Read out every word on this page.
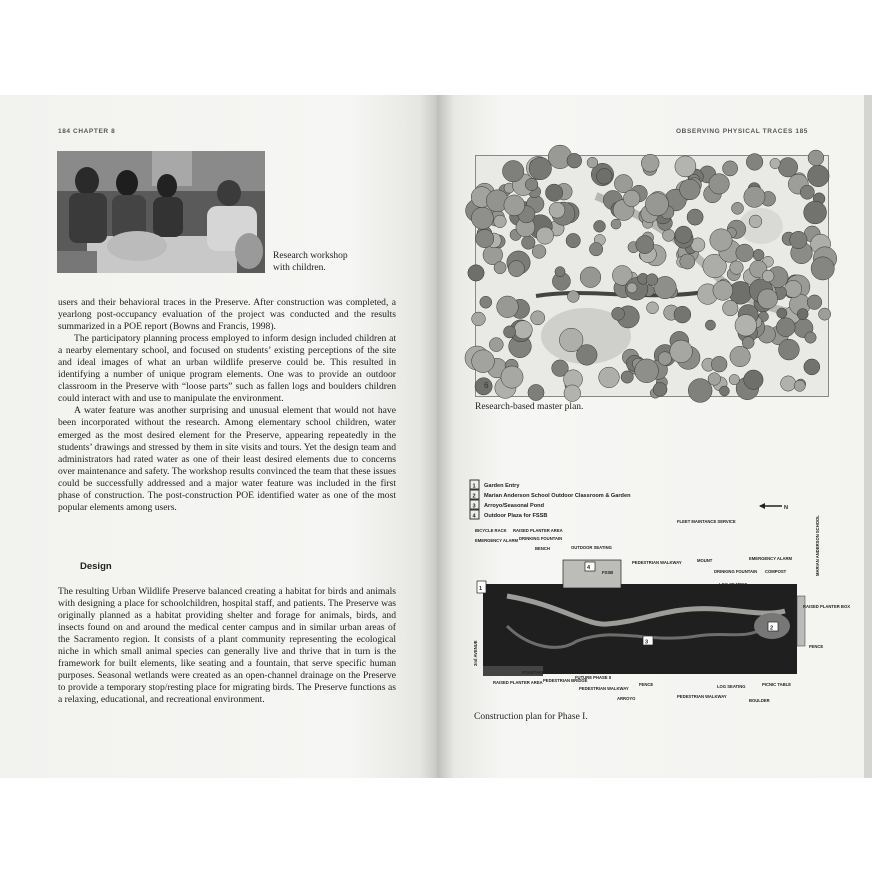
184 CHAPTER 8
Research workshop
with children.

users and their behavioral traces in the Preserve. After construction was completed, a yearlong post-occupancy evaluation of the project was conducted and the results summarized in a POE report (Bowns and Francis, 1998).

The participatory planning process employed to inform design included children at a nearby elementary school, and focused on students’ existing perceptions of the site and ideal images of what an urban wildlife preserve could be. This resulted in identifying a number of unique program elements. One was to provide an outdoor classroom in the Preserve with “loose parts” such as fallen logs and boulders children could interact with and use to manipulate the environment.

A water feature was another surprising and unusual element that would not have been incorporated without the research. Among elementary school children, water emerged as the most desired element for the Preserve, appearing repeatedly in the students’ drawings and stressed by them in site visits and tours. Yet the design team and administrators had rated water as one of their least desired elements due to concerns over maintenance and safety. The workshop results convinced the team that these issues could be successfully addressed and a major water feature was included in the first phase of construction. The post-construction POE identified water as one of the most popular elements among users.

Design

The resulting Urban Wildlife Preserve balanced creating a habitat for birds and animals with designing a place for schoolchildren, hospital staff, and patients. The Preserve was originally planned as a habitat providing shelter and forage for animals, birds, and insects found on and around the medical center campus and in similar urban areas of the Sacramento region. It consists of a plant community representing the ecological niche in which small animal species can generally live and thrive that in turn is the framework for built elements, like seating and a fountain, that serve specific human purposes. Seasonal wetlands were created as an open-channel drainage on the Preserve to provide a temporary stop/resting place for migrating birds. The Preserve functions as a relaxing, educational, and recreational environment.

OBSERVING PHYSICAL TRACES 185
6
Research-based master plan.
1 Garden Entry
2 Marian Anderson School Outdoor Classroom & Garden
3 Arroyo/Seasonal Pond
4 Outdoor Plaza for FSSB
N
FLEET MAINTANCE SERVICE
BICYCLE RACK RAISED PLANTER AREA
EMERGENCY ALARM DRINKING FOUNTAIN
BENCH	OUTDOOR SEATING
PEDESTRIAN WALKWAY	MOUNT	EMERGENCY ALARM
DRINKING FOUNTAIN COMPOST
4
FSSB
2
3
1
2nd AVENUE
MARIAN ANDERSON SCHOOL
RAISED PLANTER BOX
FENCE
FOUNTAIN
FUTURE PHASE II
RAISED PLANTER AREA PEDESTRIAN BRIDGE
PEDESTRIAN WALKWAY
FENCE
ARROYO	PEDESTRIAN WALKWAY
LOG SEATING	PICNIC TABLE
BOULDER
Construction plan for Phase I.
